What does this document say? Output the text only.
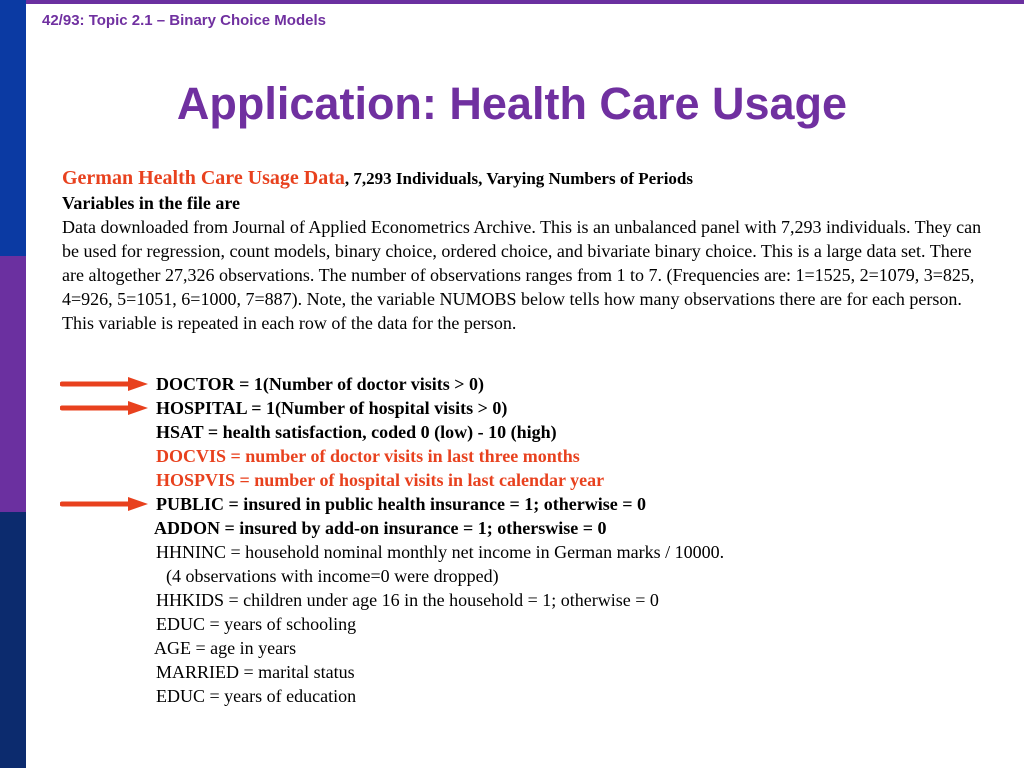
42/93: Topic 2.1 – Binary Choice Models
Application: Health Care Usage
German Health Care Usage Data, 7,293 Individuals, Varying Numbers of Periods
Variables in the file are
Data downloaded from Journal of Applied Econometrics Archive. This is an unbalanced panel with 7,293 individuals. They can be used for regression, count models, binary choice, ordered choice, and bivariate binary choice. This is a large data set. There are altogether 27,326 observations. The number of observations ranges from 1 to 7. (Frequencies are: 1=1525, 2=1079, 3=825, 4=926, 5=1051, 6=1000, 7=887). Note, the variable NUMOBS below tells how many observations there are for each person. This variable is repeated in each row of the data for the person.
DOCTOR = 1(Number of doctor visits > 0)
HOSPITAL = 1(Number of hospital visits > 0)
HSAT = health satisfaction, coded 0 (low) - 10 (high)
DOCVIS = number of doctor visits in last three months
HOSPVIS = number of hospital visits in last calendar year
PUBLIC = insured in public health insurance = 1; otherwise = 0
ADDON = insured by add-on insurance = 1; otherswise = 0
HHNINC = household nominal monthly net income in German marks / 10000.
(4 observations with income=0 were dropped)
HHKIDS = children under age 16 in the household = 1; otherwise = 0
EDUC = years of schooling
AGE = age in years
MARRIED = marital status
EDUC = years of education
